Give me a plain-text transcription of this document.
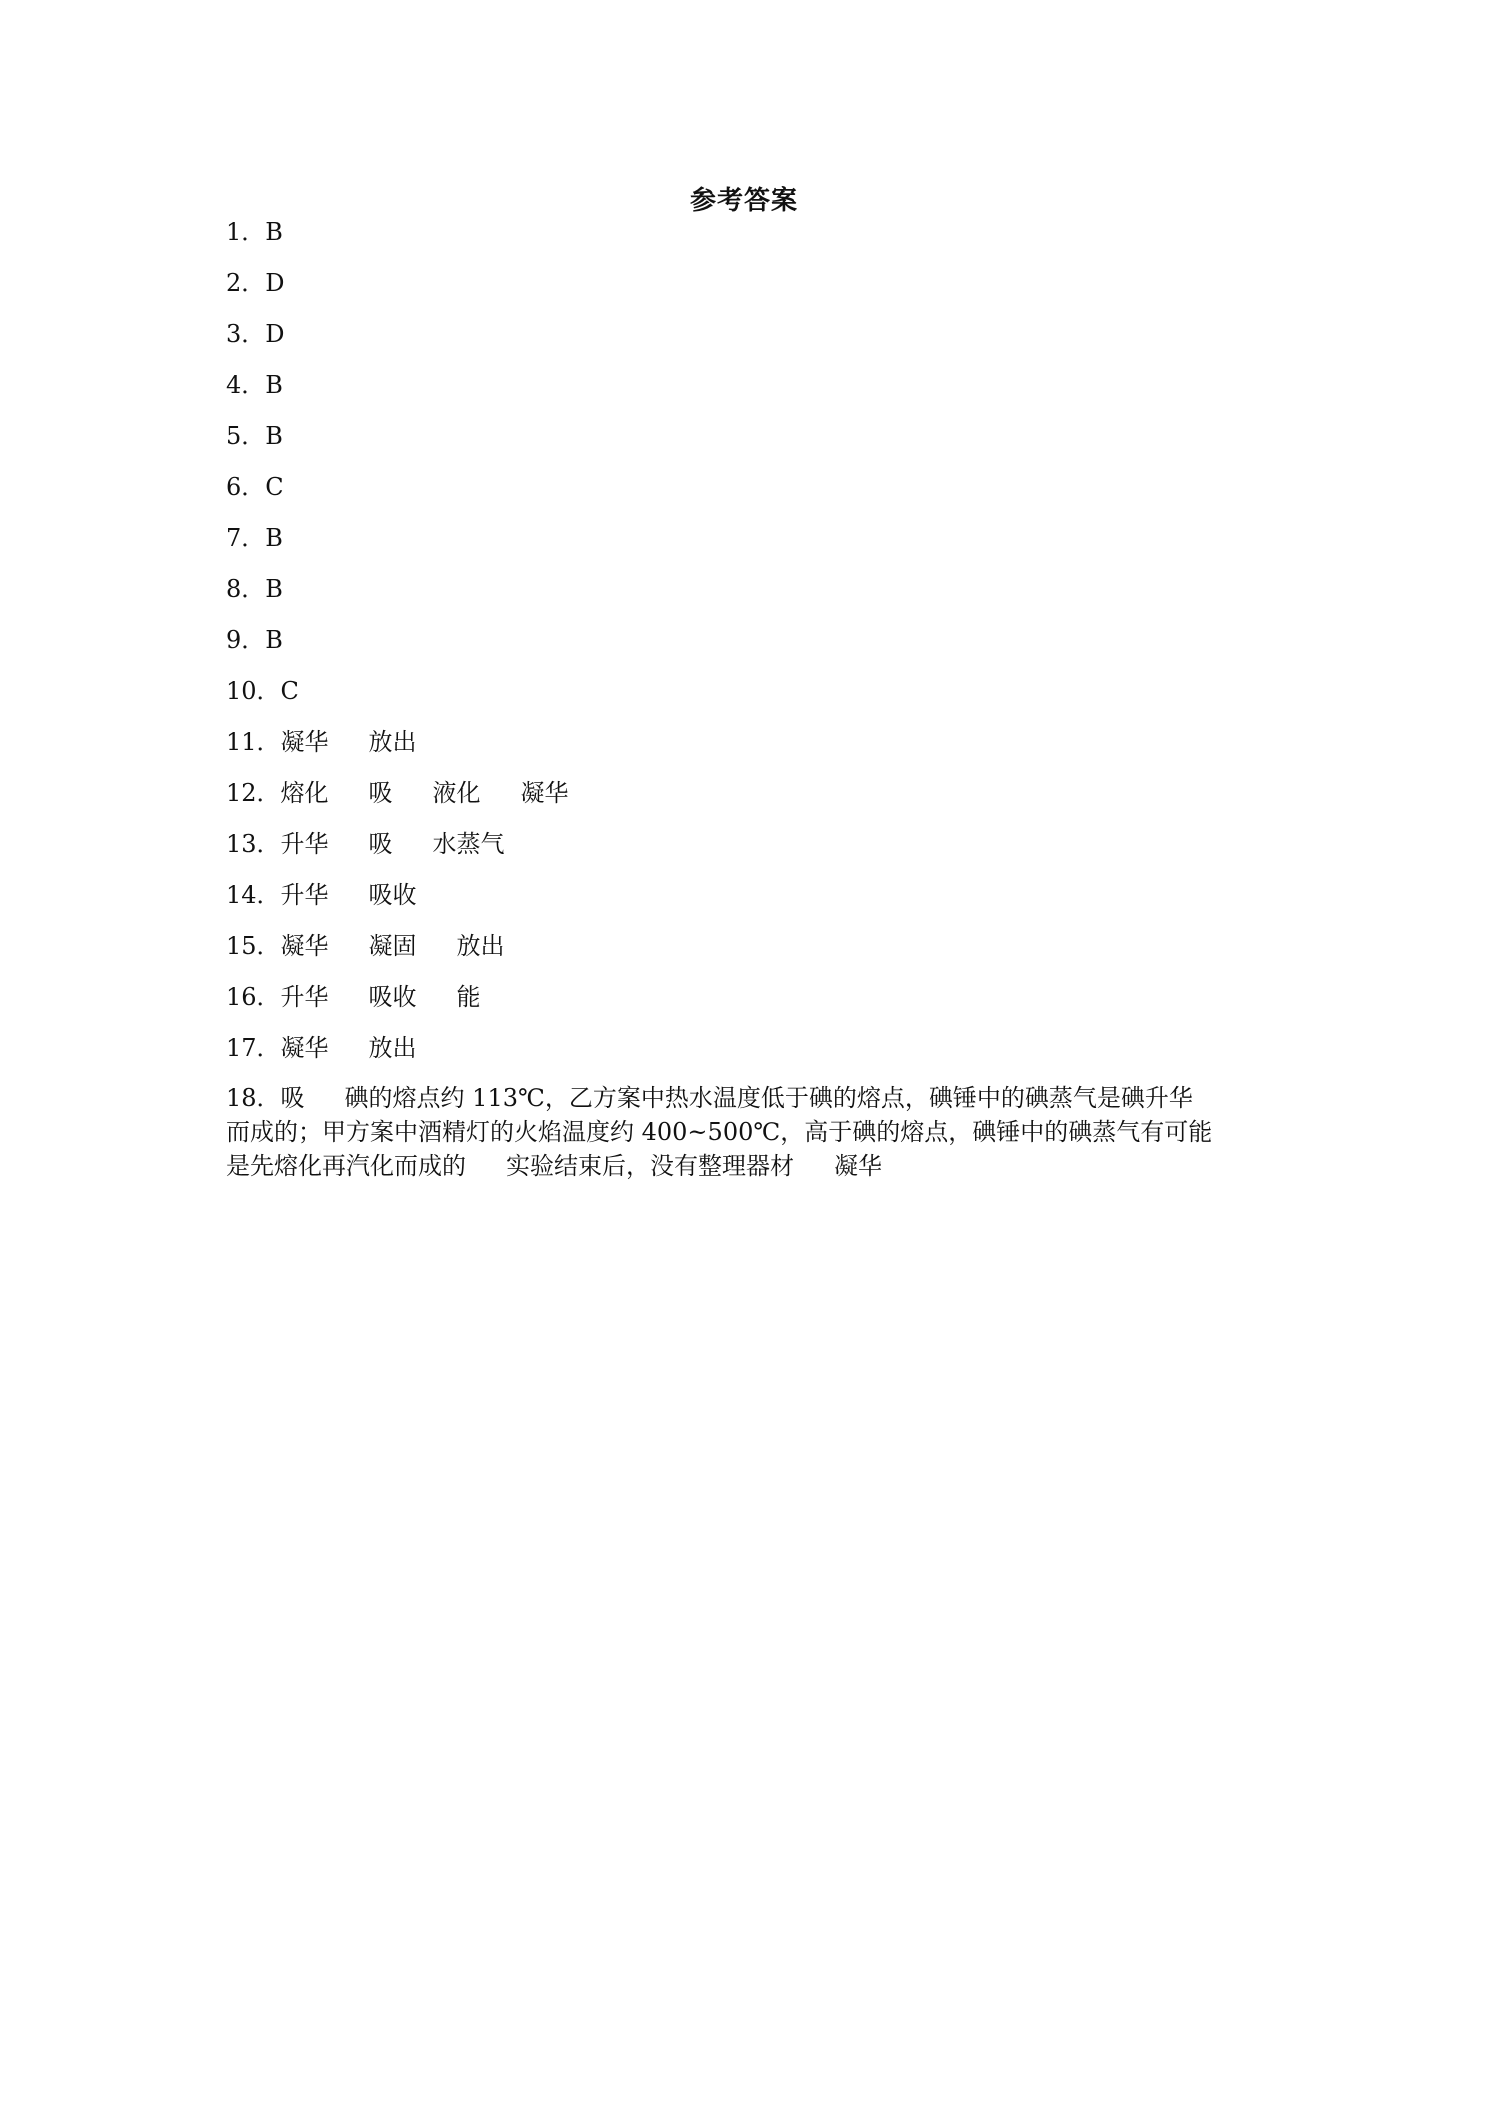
参考答案
1．B
2．D
3．D
4．B
5．B
6．C
7．B
8．B
9．B
10．C
11．凝华 放出
12．熔化 吸 液化 凝华
13．升华 吸 水蒸气
14．升华 吸收
15．凝华 凝固 放出
16．升华 吸收 能
17．凝华 放出
18．吸 碘的熔点约 113℃，乙方案中热水温度低于碘的熔点，碘锤中的碘蒸气是碘升华
而成的；甲方案中酒精灯的火焰温度约 400~500℃，高于碘的熔点，碘锤中的碘蒸气有可能
是先熔化再汽化而成的 实验结束后，没有整理器材 凝华
